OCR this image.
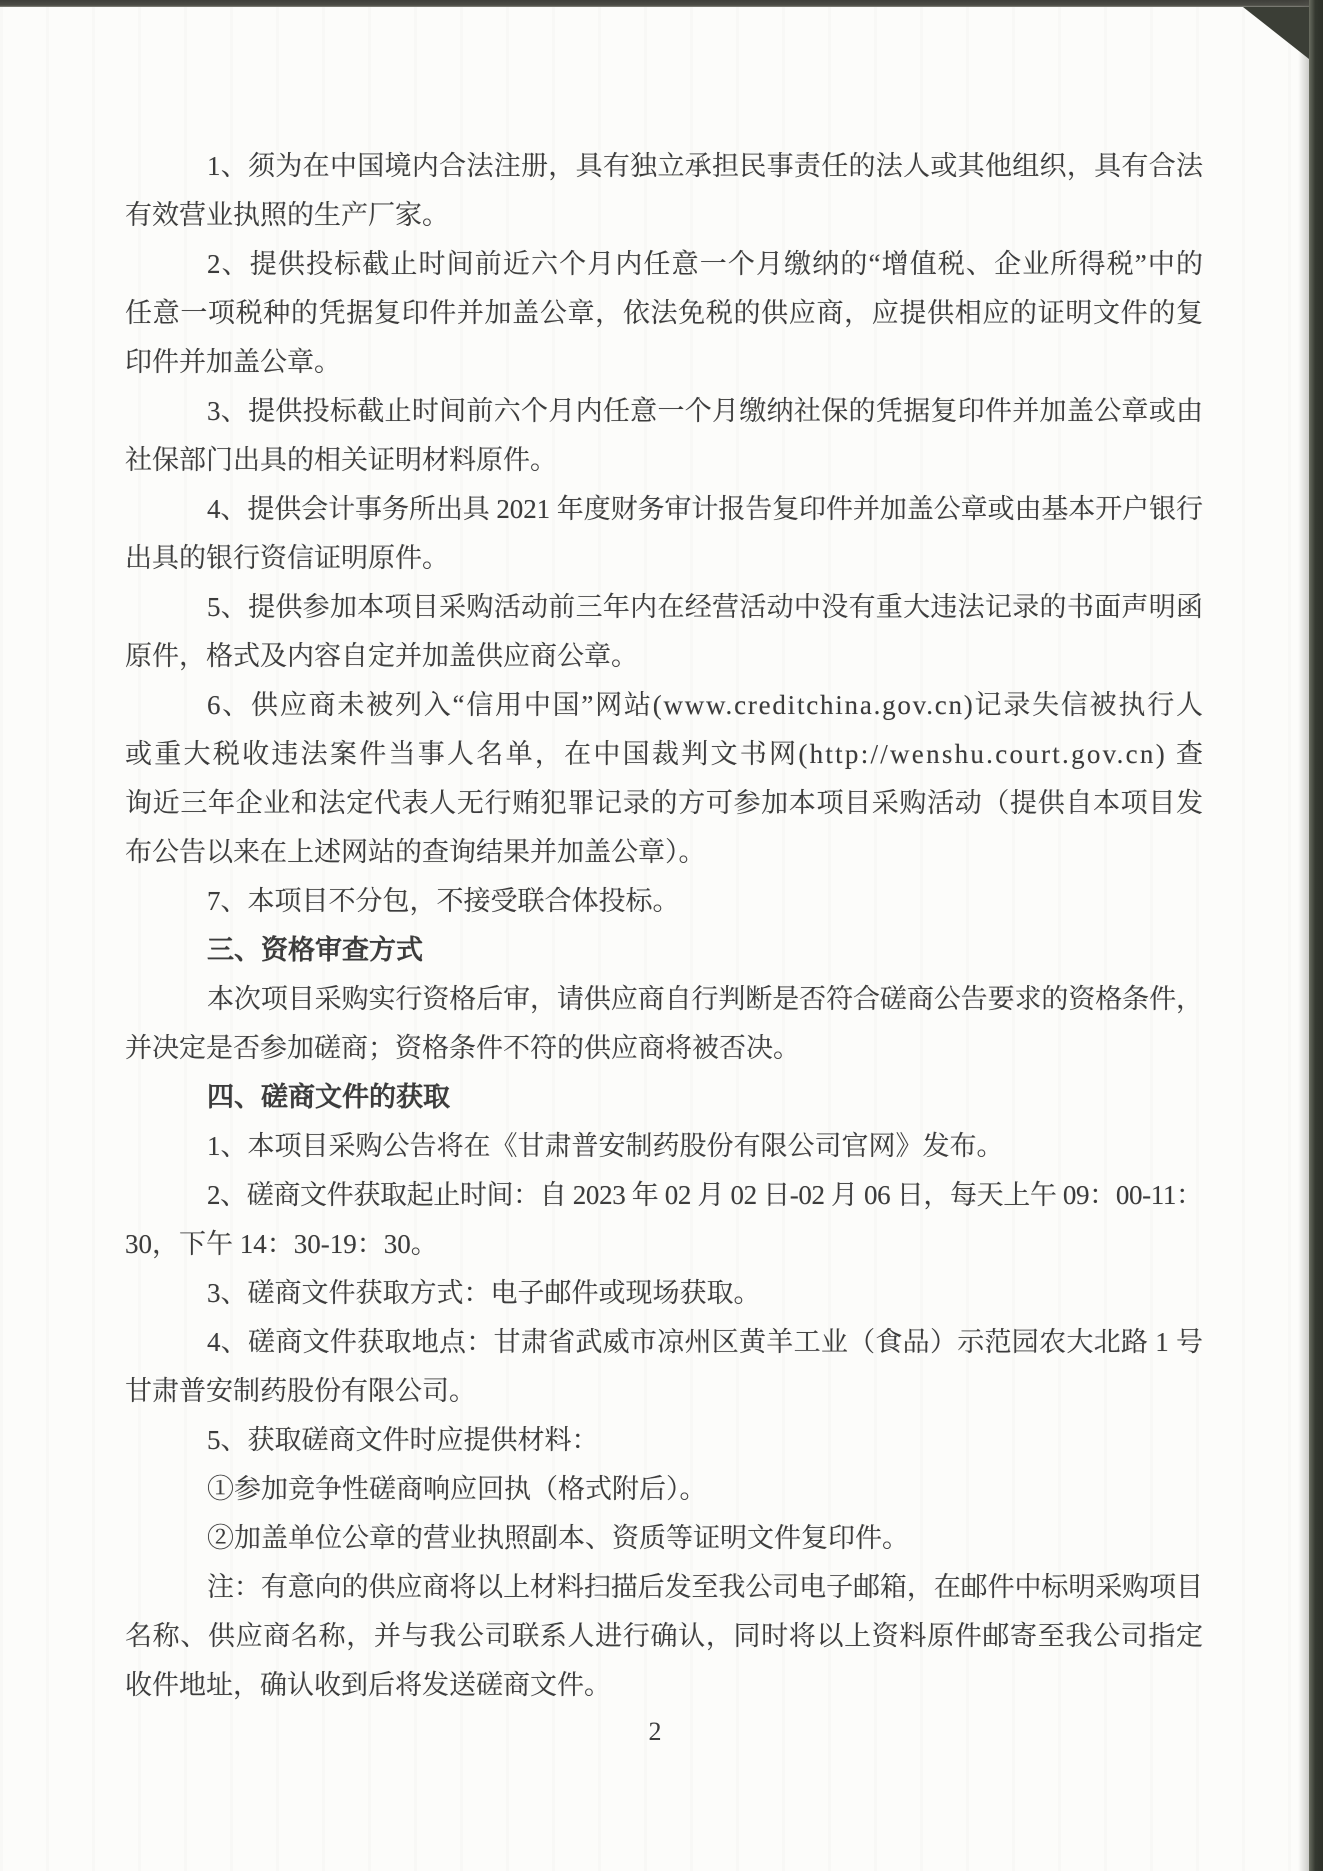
1、须为在中国境内合法注册，具有独立承担民事责任的法人或其他组织，具有合法
有效营业执照的生产厂家。
2、提供投标截止时间前近六个月内任意一个月缴纳的“增值税、企业所得税”中的
任意一项税种的凭据复印件并加盖公章，依法免税的供应商，应提供相应的证明文件的复
印件并加盖公章。
3、提供投标截止时间前六个月内任意一个月缴纳社保的凭据复印件并加盖公章或由
社保部门出具的相关证明材料原件。
4、提供会计事务所出具 2021 年度财务审计报告复印件并加盖公章或由基本开户银行
出具的银行资信证明原件。
5、提供参加本项目采购活动前三年内在经营活动中没有重大违法记录的书面声明函
原件，格式及内容自定并加盖供应商公章。
6、供应商未被列入“信用中国”网站(www.creditchina.gov.cn)记录失信被执行人
或重大税收违法案件当事人名单，在中国裁判文书网(http://wenshu.court.gov.cn) 查
询近三年企业和法定代表人无行贿犯罪记录的方可参加本项目采购活动（提供自本项目发
布公告以来在上述网站的查询结果并加盖公章）。
7、本项目不分包，不接受联合体投标。
三、资格审查方式
本次项目采购实行资格后审，请供应商自行判断是否符合磋商公告要求的资格条件，
并决定是否参加磋商；资格条件不符的供应商将被否决。
四、磋商文件的获取
1、本项目采购公告将在《甘肃普安制药股份有限公司官网》发布。
2、磋商文件获取起止时间：自 2023 年 02 月 02 日-02 月 06 日，每天上午 09：00-11：
30，下午 14：30-19：30。
3、磋商文件获取方式：电子邮件或现场获取。
4、磋商文件获取地点：甘肃省武威市凉州区黄羊工业（食品）示范园农大北路 1 号
甘肃普安制药股份有限公司。
5、获取磋商文件时应提供材料：
①参加竞争性磋商响应回执（格式附后）。
②加盖单位公章的营业执照副本、资质等证明文件复印件。
注：有意向的供应商将以上材料扫描后发至我公司电子邮箱，在邮件中标明采购项目
名称、供应商名称，并与我公司联系人进行确认，同时将以上资料原件邮寄至我公司指定
收件地址，确认收到后将发送磋商文件。
2
